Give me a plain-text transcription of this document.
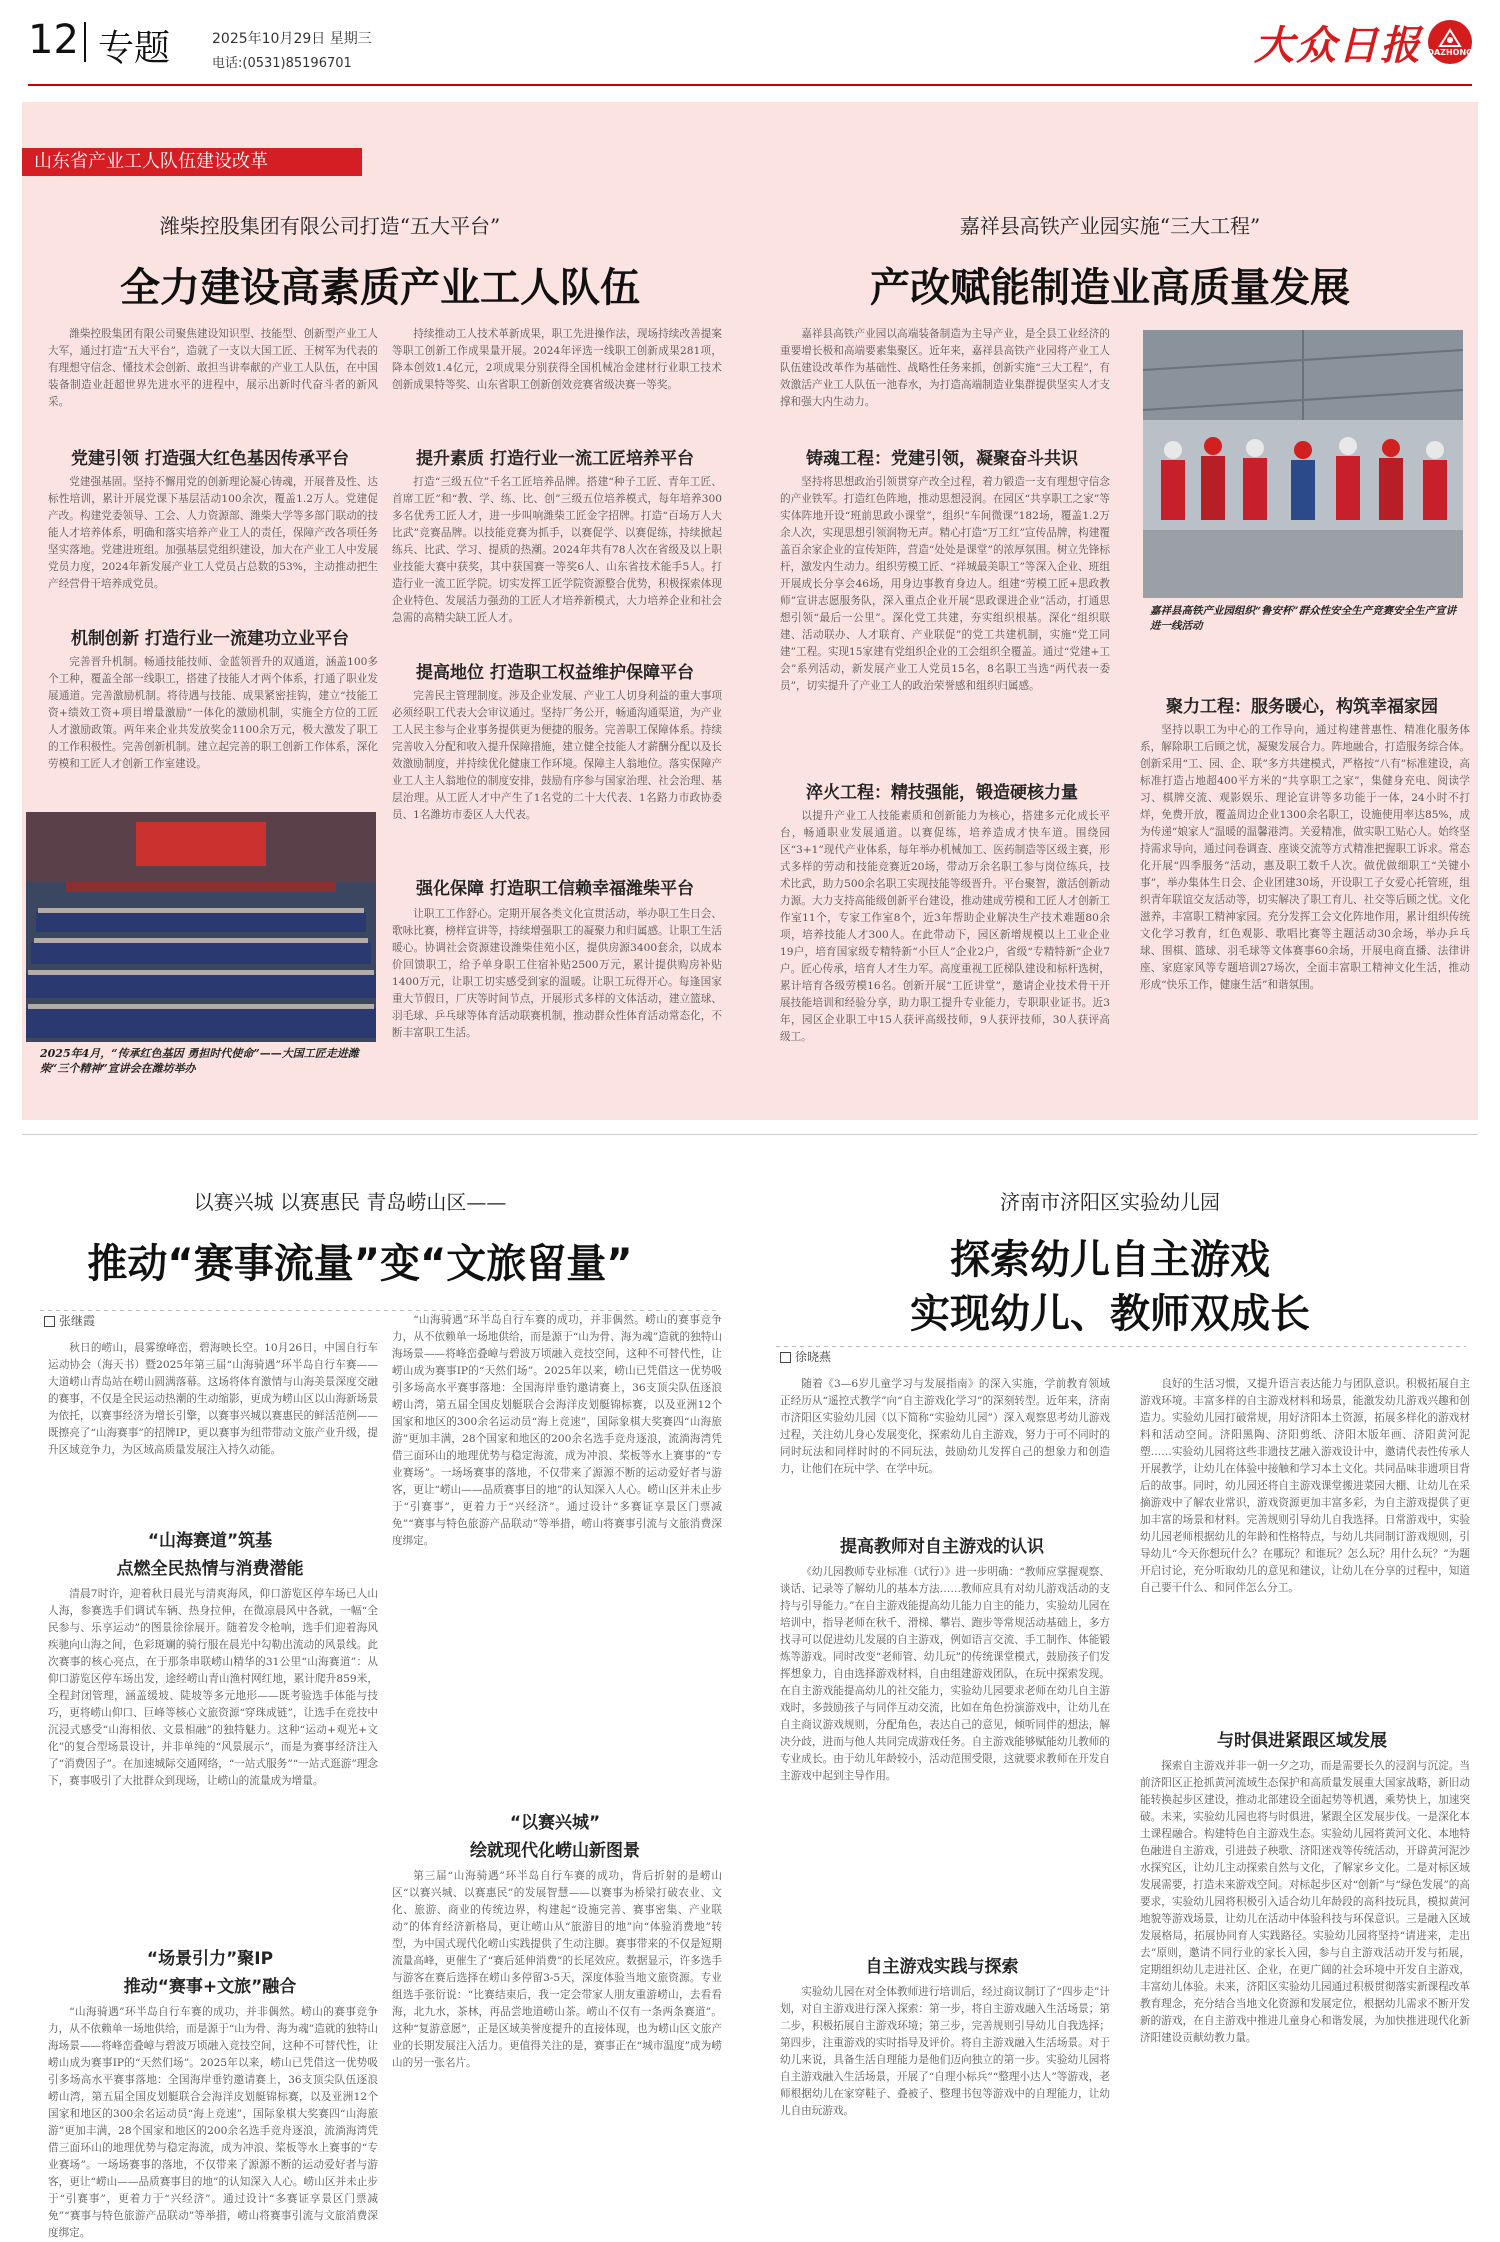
12 专题	2025年10月29日 星期三
电话:(0531)85196701	大众日报 DAZHONG
山东省产业工人队伍建设改革
潍柴控股集团有限公司打造“五大平台”
全力建设高素质产业工人队伍
潍柴控股集团有限公司聚焦建设知识型、技能型、创新型产业工人大军，通过打造“五大平台”，造就了一支以大国工匠、王树军为代表的有理想守信念、懂技术会创新、敢担当讲奉献的产业工人队伍，在中国装备制造业赶超世界先进水平的进程中，展示出新时代奋斗者的新风采。
党建引领 打造强大红色基因传承平台
党建强基固。坚持不懈用党的创新理论凝心铸魂，开展普及性、达标性培训，累计开展党课下基层活动100余次，覆盖1.2万人。党建促产改。构建党委领导、工会、人力资源部、潍柴大学等多部门联动的技能人才培养体系，明确和落实培养产业工人的责任，保障产改各项任务坚实落地。党建进班组。加强基层党组织建设，加大在产业工人中发展党员力度，2024年新发展产业工人党员占总数的53%，主动推动把生产经营骨干培养成党员。
机制创新 打造行业一流建功立业平台
完善晋升机制。畅通技能技师、金蓝领晋升的双通道，涵盖100多个工种，覆盖全部一线职工，搭建了技能人才两个体系，打通了职业发展通道。完善激励机制。将待遇与技能、成果紧密挂钩，建立“技能工资+绩效工资+项目增量激励”一体化的激励机制，实施全方位的工匠人才激励政策。两年来企业共发放奖金1100余万元，极大激发了职工的工作积极性。完善创新机制。建立起完善的职工创新工作体系，深化劳模和工匠人才创新工作室建设。
2025年4月，“传承红色基因 勇担时代使命”——大国工匠走进潍柴“三个精神”宣讲会在潍坊举办
持续推动工人技术革新成果，职工先进操作法，现场持续改善提案等职工创新工作成果量开展。2024年评选一线职工创新成果281项，降本创效1.4亿元，2项成果分别获得全国机械冶金建材行业职工技术创新成果特等奖、山东省职工创新创效竞赛省级决赛一等奖。
提升素质 打造行业一流工匠培养平台
打造“三级五位”千名工匠培养品牌。搭建“种子工匠、青年工匠、首席工匠”和“教、学、练、比、创”三级五位培养模式，每年培养300多名优秀工匠人才，进一步叫响潍柴工匠金字招牌。打造“百场万人大比武”竞赛品牌。以技能竞赛为抓手，以赛促学、以赛促练，持续掀起练兵、比武、学习、提质的热潮。2024年共有78人次在省级及以上职业技能大赛中获奖，其中获国赛一等奖6人、山东省技术能手5人。打造行业一流工匠学院。切实发挥工匠学院资源整合优势，积极探索体现企业特色、发展活力强劲的工匠人才培养新模式，大力培养企业和社会急需的高精尖缺工匠人才。
提高地位 打造职工权益维护保障平台
完善民主管理制度。涉及企业发展、产业工人切身利益的重大事项必须经职工代表大会审议通过。坚持厂务公开，畅通沟通渠道，为产业工人民主参与企业事务提供更为便捷的服务。完善职工保障体系。持续完善收入分配和收入提升保障措施，建立健全技能人才薪酬分配以及长效激励制度，并持续优化健康工作环境。保障主人翁地位。落实保障产业工人主人翁地位的制度安排，鼓励有序参与国家治理、社会治理、基层治理。从工匠人才中产生了1名党的二十大代表、1名路力市政协委员、1名潍坊市委区人大代表。
强化保障 打造职工信赖幸福潍柴平台
让职工工作舒心。定期开展各类文化宣贯活动，举办职工生日会、歌咏比赛，榜样宣讲等，持续增强职工的凝聚力和归属感。让职工生活暖心。协调社会资源建设潍柴佳苑小区，提供房源3400套余，以成本价回馈职工，给予单身职工住宿补贴2500万元，累计提供购房补贴1400万元，让职工切实感受到家的温暖。让职工玩得开心。每逢国家重大节假日，厂庆等时间节点，开展形式多样的文体活动，建立篮球、羽毛球、乒乓球等体育活动联赛机制，推动群众性体育活动常态化，不断丰富职工生活。
嘉祥县高铁产业园实施“三大工程”
产改赋能制造业高质量发展
嘉祥县高铁产业园以高端装备制造为主导产业，是全县工业经济的重要增长极和高端要素集聚区。近年来，嘉祥县高铁产业园将产业工人队伍建设改革作为基础性、战略性任务来抓，创新实施“三大工程”，有效激活产业工人队伍一池春水，为打造高端制造业集群提供坚实人才支撑和强大内生动力。
铸魂工程：党建引领，凝聚奋斗共识
坚持将思想政治引领贯穿产改全过程，着力锻造一支有理想守信念的产业铁军。打造红色阵地，推动思想浸润。在园区“共享职工之家”等实体阵地开设“班前思政小课堂”，组织“车间微课”182场，覆盖1.2万余人次，实现思想引领润物无声。精心打造“万工红”宣传品牌，构建覆盖百余家企业的宣传矩阵，营造“处处是课堂”的浓厚氛围。树立先锋标杆，激发内生动力。组织劳模工匠、“祥城最美职工”等深入企业、班组开展成长分享会46场，用身边事教育身边人。组建“劳模工匠+思政教师”宣讲志愿服务队，深入重点企业开展“思政课进企业”活动，打通思想引领“最后一公里”。深化党工共建，夯实组织根基。深化“组织联建、活动联办、人才联育、产业联促”的党工共建机制，实施“党工同建”工程。实现15家建有党组织企业的工会组织全覆盖。通过“党建+工会”系列活动，新发展产业工人党员15名，8名职工当选“两代表一委员”，切实提升了产业工人的政治荣誉感和组织归属感。
淬火工程：精技强能，锻造硬核力量
以提升产业工人技能素质和创新能力为核心，搭建多元化成长平台，畅通职业发展通道。以赛促练，培养造成才快车道。围绕园区“3+1”现代产业体系，每年举办机械加工、医药制造等区级主赛，形式多样的劳动和技能竞赛近20场，带动万余名职工参与岗位练兵，技术比武，助力500余名职工实现技能等级晋升。平台聚智，激活创新动力源。大力支持高能级创新平台建设，推动建成劳模和工匠人才创新工作室11个，专家工作室8个，近3年帮助企业解决生产技术难题80余项，培养技能人才300人。在此带动下，园区新增规模以上工业企业19户，培育国家级专精特新“小巨人”企业2户，省级“专精特新”企业7户。匠心传承，培育人才生力军。高度重视工匠梯队建设和标杆选树，累计培育各级劳模16名。创新开展“工匠讲堂”，邀请企业技术骨干开展技能培训和经验分享，助力职工提升专业能力，专职职业证书。近3年，园区企业职工中15人获评高级技师，9人获评技师，30人获评高级工。
嘉祥县高铁产业园组织“鲁安杯”群众性安全生产竞赛安全生产宣讲进一线活动
聚力工程：服务暖心，构筑幸福家园
坚持以职工为中心的工作导向，通过构建普惠性、精准化服务体系，解除职工后顾之忧，凝聚发展合力。阵地融合，打造服务综合体。创新采用“工、园、企、联”多方共建模式，严格按“八有”标准建设，高标准打造占地超400平方米的“共享职工之家”，集健身充电、阅读学习、棋牌交流、观影娱乐、理论宣讲等多功能于一体，24小时不打烊，免费开放，覆盖周边企业1300余名职工，设施使用率达85%，成为传递“娘家人”温暖的温馨港湾。关爱精准，做实职工贴心人。始终坚持需求导向，通过问卷调查、座谈交流等方式精准把握职工诉求。常态化开展“四季服务”活动，惠及职工数千人次。做优做细职工“关键小事”，举办集体生日会、企业团建30场，开设职工子女爱心托管班，组织青年联谊交友活动等，切实解决了职工育儿、社交等后顾之忧。文化滋养，丰富职工精神家园。充分发挥工会文化阵地作用，累计组织传统文化学习教育，红色观影、歌唱比赛等主题活动30余场，举办乒乓球、围棋、篮球、羽毛球等文体赛事60余场，开展电商直播、法律讲座、家庭家风等专题培训27场次，全面丰富职工精神文化生活，推动形成“快乐工作，健康生活”和谐氛围。
以赛兴城 以赛惠民 青岛崂山区——
推动“赛事流量”变“文旅留量”
张继霞
秋日的崂山，晨雾缭峰峦，碧海映长空。10月26日，中国自行车运动协会（海天书）暨2025年第三届“山海骑遇”环半岛自行车赛——大道崂山青岛站在崂山圆满落幕。这场将体育激情与山海美景深度交融的赛事，不仅是全民运动热潮的生动缩影，更成为崂山区以山海新场景为依托，以赛事经济为增长引擎，以赛事兴城以赛惠民的鲜活范例——既擦亮了“山海赛事”的招牌IP，更以赛事为纽带带动文旅产业升级，提升区域竞争力，为区域高质量发展注入持久动能。
“山海赛道”筑基
点燃全民热情与消费潜能
清晨7时许，迎着秋日晨光与清爽海风，仰口游览区停车场已人山人海，参赛选手们调试车辆、热身拉伸，在微凉晨风中各就，一幅“全民参与、乐享运动”的图景徐徐展开。随着发令枪响，选手们迎着海风疾驰向山海之间，色彩斑斓的骑行服在晨光中勾勒出流动的风景线。此次赛事的核心亮点，在于那条串联崂山精华的31公里“山海赛道”：从仰口游览区停车场出发，途经崂山青山渔村网红地，累计爬升859米，全程封闭管理，涵盖缓坡、陡坡等多元地形——既考验选手体能与技巧，更将崂山仰口、巨峰等核心文旅资源“穿珠成链”，让选手在竞技中沉浸式感受“山海相依、文景相融”的独特魅力。这种“运动+观光+文化”的复合型场景设计，并非单纯的“风景展示”，而是为赛事经济注入了“消费因子”。在加速城际交通网络，“一站式服务”“一站式逛游”理念下，赛事吸引了大批群众到现场，让崂山的流量成为增量。
“场景引力”聚IP
推动“赛事+文旅”融合
“山海骑遇”环半岛自行车赛的成功，并非偶然。崂山的赛事竞争力，从不依赖单一场地供给，而是源于“山为骨、海为魂”造就的独特山海场景——将峰峦叠嶂与碧波万顷融入竞技空间，这种不可替代性，让崂山成为赛事IP的“天然们场”。2025年以来，崂山已凭借这一优势吸引多场高水平赛事落地：全国海岸垂钓邀请赛上，36支顶尖队伍逐浪崂山湾，第五届全国皮划艇联合会海洋皮划艇锦标赛，以及亚洲12个国家和地区的300余名运动员“海上竞速”，国际象棋大奖赛四“山海旅游”更加丰满，28个国家和地区的200余名选手竞舟逐浪，流淌海湾凭借三面环山的地理优势与稳定海流，成为冲浪、桨板等水上赛事的“专业赛场”。一场场赛事的落地，不仅带来了源源不断的运动爱好者与游客，更让“崂山——品质赛事目的地”的认知深入人心。崂山区并未止步于“引赛事”，更着力于“兴经济”。通过设计“多赛证享景区门票减免”“赛事与特色旅游产品联动”等举措，崂山将赛事引流与文旅消费深度绑定。
“山海骑遇”环半岛自行车赛的成功，并非偶然。崂山的赛事竞争力，从不依赖单一场地供给，而是源于“山为骨、海为魂”造就的独特山海场景——将峰峦叠嶂与碧波万顷融入竞技空间，这种不可替代性，让崂山成为赛事IP的“天然们场”。2025年以来，崂山已凭借这一优势吸引多场高水平赛事落地：全国海岸垂钓邀请赛上，36支顶尖队伍逐浪崂山湾，第五届全国皮划艇联合会海洋皮划艇锦标赛，以及亚洲12个国家和地区的300余名运动员“海上竞速”，国际象棋大奖赛四“山海旅游”更加丰满，28个国家和地区的200余名选手竞舟逐浪，流淌海湾凭借三面环山的地理优势与稳定海流，成为冲浪、桨板等水上赛事的“专业赛场”。一场场赛事的落地，不仅带来了源源不断的运动爱好者与游客，更让“崂山——品质赛事目的地”的认知深入人心。崂山区并未止步于“引赛事”，更着力于“兴经济”。通过设计“多赛证享景区门票减免”“赛事与特色旅游产品联动”等举措，崂山将赛事引流与文旅消费深度绑定。
“以赛兴城”
绘就现代化崂山新图景
第三届“山海骑遇”环半岛自行车赛的成功，背后折射的是崂山区“以赛兴城、以赛惠民”的发展智慧——以赛事为桥梁打破农业、文化、旅游、商业的传统边界，构建起“设施完善、赛事密集、产业联动”的体育经济新格局，更让崂山从“旅游目的地”向“体验消费地”转型，为中国式现代化崂山实践提供了生动注脚。赛事带来的不仅是短期流量高峰，更催生了“赛后延伸消费”的长尾效应。数据显示，许多选手与游客在赛后选择在崂山多停留3-5天，深度体验当地文旅资源。专业组选手张衍说：“比赛结束后，我一定会带家人朋友重游崂山，去看看海，北九水，茶林，再品尝地道崂山茶。崂山不仅有一条两条赛道”。这种“复游意愿”，正是区域美誉度提升的直接体现，也为崂山区文旅产业的长期发展注入活力。更值得关注的是，赛事正在“城市温度”成为崂山的另一张名片。
济南市济阳区实验幼儿园
探索幼儿自主游戏
实现幼儿、教师双成长
徐晓燕
随着《3—6岁儿童学习与发展指南》的深入实施，学前教育领域正经历从“遥控式教学”向“自主游戏化学习”的深刻转型。近年来，济南市济阳区实验幼儿园（以下简称“实验幼儿园”）深入观察思考幼儿游戏过程，关注幼儿身心发展变化，探索幼儿自主游戏，努力于可不同时的同时玩法和同样时时的不同玩法，鼓励幼儿发挥自己的想象力和创造力，让他们在玩中学、在学中玩。
提高教师对自主游戏的认识
《幼儿园教师专业标准（试行）》进一步明确：“教师应掌握观察、谈话、记录等了解幼儿的基本方法……教师应具有对幼儿游戏活动的支持与引导能力。”在自主游戏能提高幼儿能力自主的能力，实验幼儿园在培训中，指导老师在秋千、滑梯、攀岩、跑步等常规活动基础上，多方找寻可以促进幼儿发展的自主游戏，例如语言交流、手工制作、体能锻炼等游戏。同时改变“老师管、幼儿玩”的传统课堂模式，鼓励孩子们发挥想象力，自由选择游戏材料，自由组建游戏团队，在玩中探索发现。在自主游戏能提高幼儿的社交能力，实验幼儿园要求老师在幼儿自主游戏时，多鼓励孩子与同伴互动交流，比如在角色扮演游戏中，让幼儿在自主商议游戏规则，分配角色，表达自己的意见，倾听同伴的想法，解决分歧，进而与他人共同完成游戏任务。自主游戏能够赋能幼儿教师的专业成长。由于幼儿年龄较小，活动范围受限，这就要求教师在开发自主游戏中起到主导作用。
自主游戏实践与探索
实验幼儿园在对全体教师进行培训后，经过商议制订了“四步走”计划，对自主游戏进行深入探索：第一步，将自主游戏融入生活场景；第二步，积极拓展自主游戏环境；第三步，完善规则引导幼儿自我选择；第四步，注重游戏的实时指导及评价。将自主游戏融入生活场景。对于幼儿来说，具备生活自理能力是他们迈向独立的第一步。实验幼儿园将自主游戏融入生活场景，开展了“自理小标兵”“整理小达人”等游戏，老师根据幼儿在家穿鞋子、叠被子、整理书包等游戏中的自理能力，让幼儿自由玩游戏。
良好的生活习惯，又提升语言表达能力与团队意识。积极拓展自主游戏环境。丰富多样的自主游戏材料和场景，能激发幼儿游戏兴趣和创造力。实验幼儿园打破常规，用好济阳本土资源，拓展多样化的游戏材料和活动空间。济阳黑陶、济阳剪纸、济阳木版年画、济阳黄河泥塑……实验幼儿园将这些非遗技艺融入游戏设计中，邀请代表性传承人开展教学，让幼儿在体验中接触和学习本土文化。共同品味非遗项目背后的故事。同时，幼儿园还将自主游戏课堂搬进菜园大棚、让幼儿在采摘游戏中了解农业常识，游戏资源更加丰富多彩，为自主游戏提供了更加丰富的场景和材料。完善规则引导幼儿自我选择。日常游戏中，实验幼儿园老师根据幼儿的年龄和性格特点，与幼儿共同制订游戏规则，引导幼儿“今天你想玩什么？在哪玩？和谁玩？怎么玩？用什么玩？”为题开启讨论，充分听取幼儿的意见和建议，让幼儿在分享的过程中，知道自己要干什么、和同伴怎么分工。
与时俱进紧跟区域发展
探索自主游戏并非一朝一夕之功，而是需要长久的浸润与沉淀。当前济阳区正抢抓黄河流域生态保护和高质量发展重大国家战略，新旧动能转换起步区建设，推动北部建设全面起势等机遇，乘势快上，加速突破。未来，实验幼儿园也将与时俱进，紧跟全区发展步伐。一是深化本土课程融合。构建特色自主游戏生态。实验幼儿园将黄河文化、本地特色融进自主游戏，引进鼓子秧歌、济阳迷戏等传统活动，开辟黄河泥沙水探究区，让幼儿主动探索自然与文化，了解家乡文化。二是对标区域发展需要，打造未来游戏空间。对标起步区对“创新”与“绿色发展”的高要求，实验幼儿园将积极引入适合幼儿年龄段的高科技玩具，模拟黄河地貌等游戏场景，让幼儿在活动中体验科技与环保意识。三是融入区域发展格局，拓展协同育人实践路径。实验幼儿园将坚持“请进来，走出去”原则，邀请不同行业的家长入园，参与自主游戏活动开发与拓展，定期组织幼儿走进社区、企业，在更广阔的社会环境中开发自主游戏，丰富幼儿体验。未来，济阳区实验幼儿园通过积极贯彻落实新课程改革教育理念，充分结合当地文化资源和发展定位，根据幼儿需求不断开发新的游戏，在自主游戏中推进儿童身心和谐发展，为加快推进现代化新济阳建设贡献幼教力量。
